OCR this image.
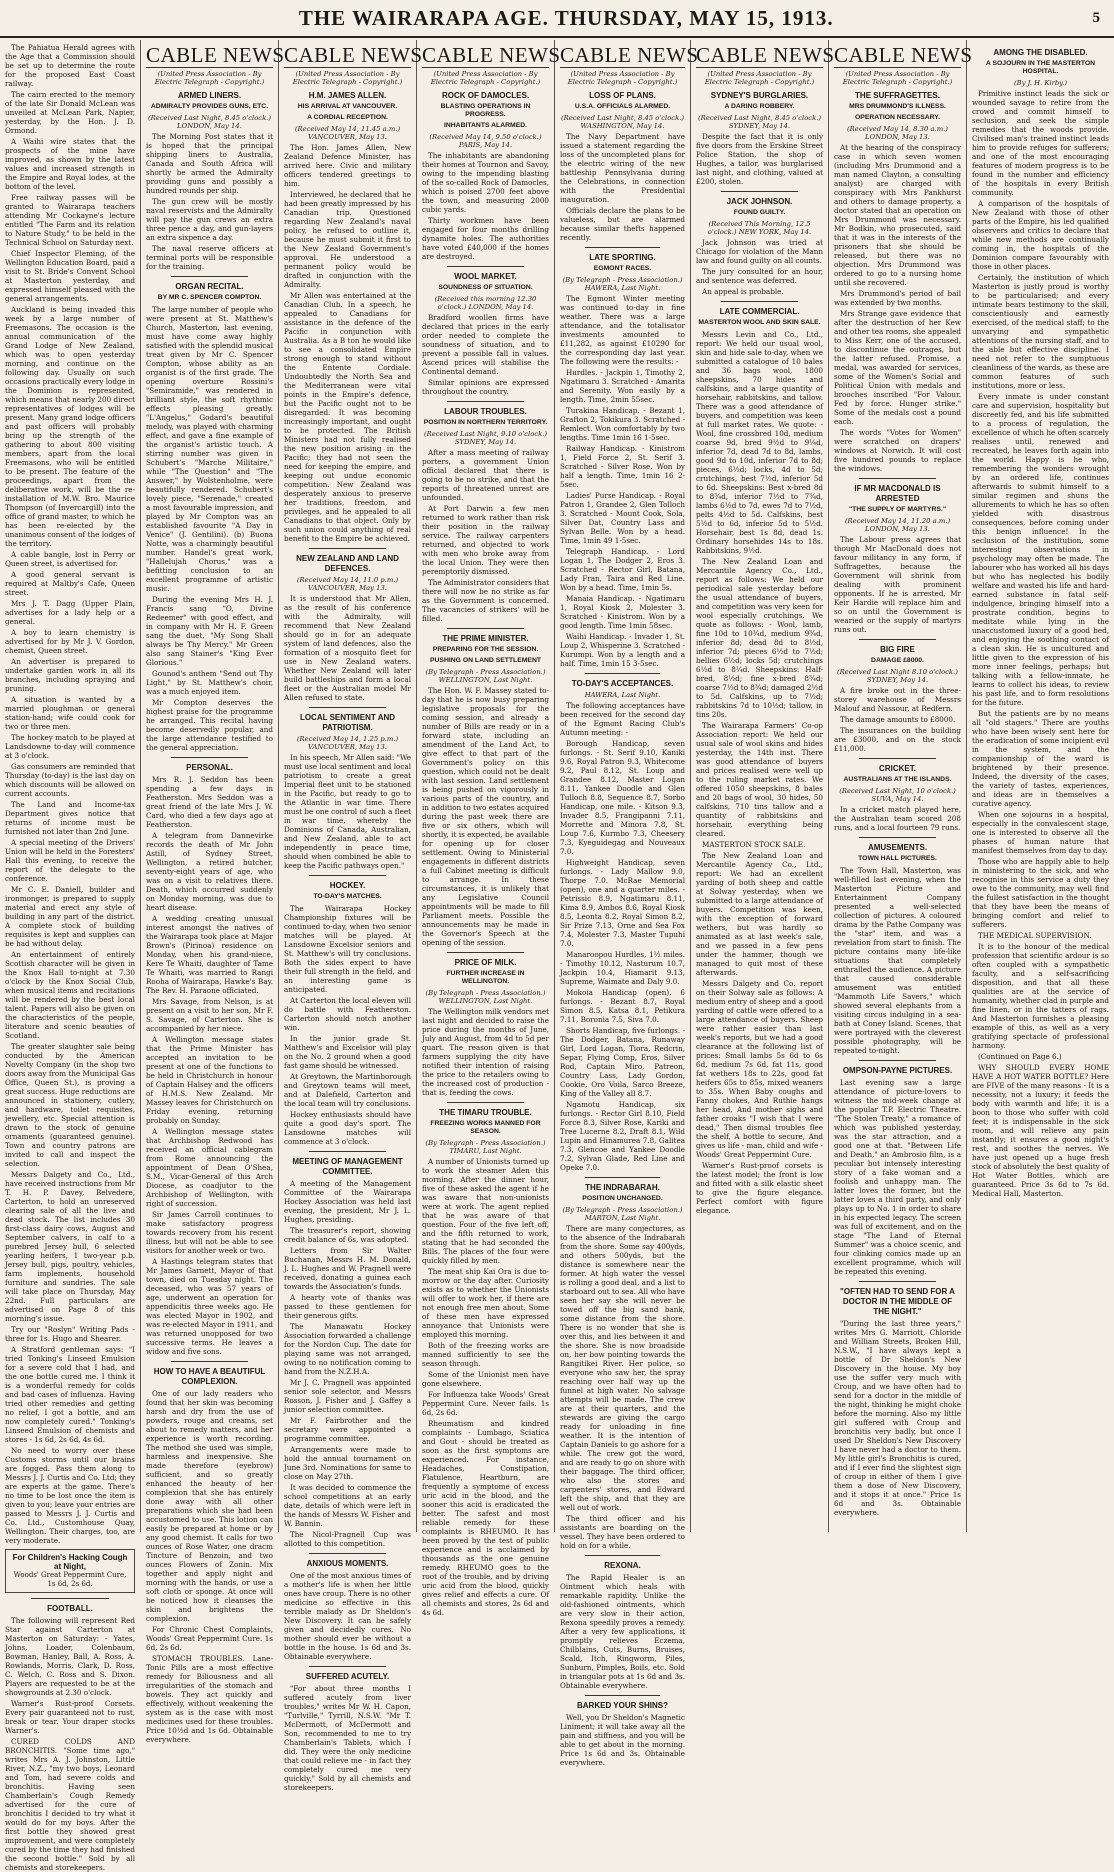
THE WAIRARAPA AGE. THURSDAY, MAY 15, 1913.	5

The Pahiatua Herald agrees with the Age that a Commission should be set up to determine the route for the proposed East Coast railway.

The cairn erected to the memory of the late Sir Donald McLean was unveiled at McLean Park, Napier, yesterday, by the Hon. J. D. Ormond.

A Waihi wire states that the prospects of the mine have improved, as shown by the latest values and increased strength in the Empire and Royal lodes, at the bottom of the level.

Free railway passes will be granted to Wairarapa teachers attending Mr Cockayne's lecture entitled "The Farm and its relation to Nature Study," to be held in the Technical School on Saturday next.

Chief Inspector Fleming, of the Wellington Education Board, paid a visit to St. Bride's Convent School at Masterton yesterday, and expressed himself pleased with the general arrangements.

Auckland is being invaded this week by a large number of Freemasons. The occasion is the annual communication of the Grand Lodge of New Zealand, which was to open yesterday morning, and continue on the following day. Usually on such occasions practically every lodge in the Dominion is represented, which means that nearly 200 direct representatives of lodges will be present. Many grand lodge officers and past officers will probably bring up the strength of the gathering to about 800 visiting members, apart from the local Freemasons, who will be entitled to be present. The feature of the proceedings, apart from the deliberative work, will be the re-installation of M.W. Bro. Maurice Thompson (of Invercargill) into the office of grand master, to which he has been re-elected by the unanimous consent of the lodges of the territory.

A cable bangle, lost in Perry or Queen street, is advertised for.

A good general servant is required at Maltby's Cafe, Queen street.

Mrs J. T. Dagg (Upper Plain, advertises for a lady help or a general.

A boy to learn chemistry is advertised for by Mr J. V. Gordon, chemist, Queen street.

An advertiser is prepared to undertake garden work in all its branches, including spraying and pruning.

A situation is wanted by a married ploughman or general station-hand; wife could cook for two or three men.

The hockey match to be played at Landsdowne to-day will commence at 3 o'clock.

Gas consumers are reminded that Thursday (to-day) is the last day on which discounts will be allowed on current accounts.

The Land and Income-tax Department gives notice that returns of income must be furnished not later than 2nd June.

A special meeting of the Drivers' Union will be held in the Foresters' Hall this evening, to receive the report of the delegate to the conference.

Mr C. E. Daniell, builder and ironmonger, is prepared to supply material and erect any style of building in any part of the district. A complete stock of building requisites is kept and supplies can be had without delay.

An entertainment of entirely Scottish character will be given in the Knox Hall to-night at 7.30 o'clock by the Knox Social Club, when musical items and recitations will be rendered by the best local talent. Papers will also be given on the characteristics of the people, literature and scenic beauties of Scotland.

The greater slaughter sale being conducted by the American Novelty Company (in the shop two doors away from the Municipal Gas Office, Queen St.), is proving a great success. Huge reductions are announced in stationery, cutlery, and hardware, toilet requisites, jewellery, etc. Special attention is drawn to the stock of genuine ornaments (guaranteed genuine). Town and country patrons are invited to call and inspect the selection.

Messrs Dalgety and Co., Ltd., have received instructions from Mr T. H. P. Davey, Belvedere, Carterton, to hold an unreserved clearing sale of all the live and dead stock. The list includes 30 first-class dairy cows, August and September calvers, in calf to a purebred Jersey bull, 6 selected yearling heifers, 1 two-year p.b. Jersey bull, pigs, poultry, vehicles, farm implements, household furniture and sundries. The sale will take place on Thursday, May 22nd. Full particulars are advertised on Page 8 of this morning's issue.

Try our "Roslyn" Writing Pads - three for 1s. Hugo and Shearer.

A Stratford gentleman says: "I tried Tonking's Linseed Emulsion for a severe cold that I had, and the one bottle cured me. I think it is a wonderful remedy for colds and bad cases of influenza. Having tried other remedies and getting no relief, I got a bottle, and am now completely cured." Tonking's Linseed Emulsion of chemists and stores - 1s 6d, 2s 6d, 4s 6d.

No need to worry over these Customs storms until our brains are fogged. Pass them along to Messrs J. J. Curtis and Co. Ltd; they are experts at the game. There's no time to be lost once the item is given to you; leave your entries are passed to Messrs J. J. Curtis and Co. Ltd., Customhouse Quay, Wellington. Their charges, too, are very moderate.

For Children's Hacking Cough at Night,
Woods' Great Peppermint Cure, 1s 6d, 2s 6d.
FOOTBALL.

The following will represent Red Star against Carterton at Masterton on Saturday: - Yates, Johns, Loader, Colenbaum, Bowman, Hanley, Ball, A. Ross, A. Rowlands, Morris, Clark, D. Ross, C. Welch, C. Ross and S. Dixon. Players are requested to be at the showgrounds at 2.30 o'clock.

Warner's Rust-proof Corsets. Every pair guaranteed not to rust, break or tear. Your draper stocks Warner's.

CURED COLDS AND BRONCHITIS. "Some time ago," writes Mrs A. J. Johnston, Little River, N.Z., "my two boys, Leonard and Tom, had severe colds and bronchitis. Having seen Chamberlain's Cough Remedy advertised for the cure of bronchitis I decided to try what it would do for my boys. After the first bottle they showed great improvement, and were completely cured by the time they had finished the second bottle." Sold by all chemists and storekeepers.

CABLE NEWS
(United Press Association - By Electric Telegraph - Copyright.)
ARMED LINERS.
ADMIRALTY PROVIDES GUNS, ETC.
(Received Last Night, 8.45 o'clock.) LONDON, May 14.

The Morning Post states that it is hoped that the principal shipping liners to Australia, Canada and South Africa will shortly be armed the Admiralty providing guns and possibly a hundred rounds per ship.

The gun crew will be mostly naval reservists and the Admiralty will pay the gun crews an extra three pence a day, and gun-layers an extra sixpence a day.

The naval reserve officers at terminal ports will be responsible for the training.

ORGAN RECITAL.
BY MR C. SPENCER COMPTON.

The large number of people who were present at St. Matthew's Church, Masterton, last evening, must have come away highly satisfied with the splendid musical treat given by Mr C. Spencer Compton, whose ability as an organist is of the first grade. The opening overture Rossini's "Semiramide," was rendered in brilliant style, the soft rhythmic effects pleasing greatly. "L'Angelus," Godard's beautiful melody, was played with charming effect, and gave a fine example of the organist's artistic touch. A stirring number was given in Schubert's "Marche Militaire," while "The Question" and "The Answer," by Wolstenholme, were beautifully rendered. Schubert's lovely piece, "Serenade," created a most favourable impression, and played by Mr Compton was an established favourite "A Day in Venice" (J. Gentilini). (b) Buona Notte, was a charmingly beautiful number. Handel's great work, "Hallelujah Chorus," was a befitting conclusion to an excellent programme of artistic music.

During the evening Mrs H. J. Francis sang "O, Divine Redeemer" with good effect, and in company with Mr H. F. Green sang the duet, "My Song Shall always be Thy Mercy." Mr Green also sang Stainer's "King Ever Glorious."

Gounod's anthem "Send out Thy Light," by St. Matthew's choir, was a much enjoyed item.

Mr Compton deserves the highest praise for the programme he arranged. This recital having become deservedly popular, and the large attendance testified to the general appreciation.

PERSONAL.

Mrs R. J. Seddon has been spending a few days in Featherston. Mrs Seddon was a great friend of the late Mrs J. W. Card, who died a few days ago at Featherston.

A telegram from Dannevirke records the death of Mr John Astill, of Sydney Street, Wellington, a retired butcher, seventy-eight years of age, who was on a visit to relatives there. Death, which occurred suddenly on Monday morning, was due to heart disease.

A wedding creating unusual interest amongst the natives of the Wairarapa took place at Major Brown's (Pirinoa) residence on Monday, when his grand-niece, Kere Te Whaiti, daughter of Tame Te Whaiti, was married to Rangi Rooha of Wairarapa, Hawke's Bay. The Rev. H. Paraone officiated.

Mrs Savage, from Nelson, is at present on a visit to her son, Mr F. S. Savage, of Carterton. She is accompanied by her niece.

A Wellington message states that the Prime Minister has accepted an invitation to be present at one of the functions to be held in Christchurch in honour of Captain Halsey and the officers of H.M.S. New Zealand. Mr Massey leaves for Christchurch on Friday evening, returning probably on Sunday.

A Wellington message states that Archbishop Redwood has received an official cablegram from Rome announcing the appointment of Dean O'Shea, S.M., Vicar-General of this Arch Diocese, as coadjutor to the Archbishop of Wellington, with right of succession.

Sir James Carroll continues to make satisfactory progress towards recovery from his recent illness, but will not be able to see visitors for another week or two.

A Hastings telegram states that Mr James Garnett, Mayor of that town, died on Tuesday night. The deceased, who was 57 years of age, underwent an operation for appendicitis three weeks ago. He was elected Mayor in 1902, and was re-elected Mayor in 1911, and was returned unopposed for two successive terms. He leaves a widow and five sons.

HOW TO HAVE A BEAUTIFUL COMPLEXION.

One of our lady readers who found that her skin was becoming harsh and dry from the use of powders, rouge and creams, set about to remedy matters, and her experience is worth recording. The method she used was simple, harmless and inexpensive. She made therefore (eyebrow) sufficient, and so greatly enhanced the beauty of her complexion that she has entirely done away with all other preparations which she had been accustomed to use. This lotion can easily be prepared at home or by any good chemist. It calls for two ounces of Rose Water, one dracm Tincture of Benzoin, and two ounces Flowers of Zonin. Mix together and apply night and morning with the hands, or use a soft cloth or sponge. At once will be noticed how it cleanses the skin and brightens the complexion.

For Chronic Chest Complaints, Woods' Great Peppermint Cure. 1s 6d, 2s 6d.

STOMACH TROUBLES. Lane-Tonic Pills are a most effective remedy for Biliousness and all irregularities of the stomach and bowels. They act quickly and effectively, without weakening the system as is the case with most medicines used for these troubles. Price 10½d and 1s 6d. Obtainable everywhere.

CABLE NEWS
(United Press Association - By Electric Telegraph - Copyright.)
H.M. JAMES ALLEN.
HIS ARRIVAL AT VANCOUVER.
A CORDIAL RECEPTION.
(Received May 14, 11.45 a.m.) VANCOUVER, May 13.

The Hon. James Allen, New Zealand Defence Minister, has arrived here. Civic and military officers tendered greetings to him.

Interviewed, he declared that he had been greatly impressed by his Canadian trip. Questioned regarding New Zealand's naval policy, he refused to outline it, because he must submit it first to the New Zealand Government's approval. He understood a permanent policy would be drafted in conjunction with the Admiralty.

Mr Allen was entertained at the Canadian Club. In a speech, he appealed to Canadians for assistance in the defence of the Pacific in conjunction with Australia. As a B ton he would like to see a consolidated Empire strong enough to stand without the Entente Cordiale. Undoubtedly the North Sea and the Mediterranean were vital points in the Empire's defence, but the Pacific ought not to be disregarded. It was becoming increasingly important, and ought to be protected. The British Ministers had not fully realised the new position arising in the Pacific; they had not seen the need for keeping the empire, and keeping out undue economic competition. New Zealand was desperately anxious to preserve her traditions, freedom, and privileges, and he appealed to all Canadians to that object. Only by such union could anything of real benefit to the Empire be achieved.

NEW ZEALAND AND LAND DEFENCES.
(Received May 14, 11.0 p.m.) VANCOUVER, May 13.

It is understood that Mr Allen, as the result of his conference with the Admiralty, will recommend that New Zealand should go in for an adequate system of land defences, also the formation of a mosquito fleet for use in New Zealand waters. Whether New Zealand will later build battleships and form a local fleet or the Australian model Mr Allen refused to state.

LOCAL SENTIMENT AND PATRIOTISM.
(Received May 14, 1.25 p.m.) VANCOUVER, May 13.

In his speech, Mr Allen said: "We must use local sentiment and local patriotism to create a great Imperial fleet unit to be stationed in the Pacific, but ready to go to the Atlantic in war time. There must be one control of such a fleet in war time, whereby the Dominions of Canada, Australian, and New Zealand, able to act independently in peace time, should when combined be able to keep the Pacific pathways open."

HOCKEY.
TO-DAY'S MATCHES.

The Wairarapa Hockey Championship fixtures will be continued to-day, when two senior matches will be played. At Lansdowne Excelsior seniors and St. Matthew's will try conclusions. Both the sides expect to have their full strength in the field, and an interesting game is anticipated.

At Carterton the local eleven will do battle with Featherston. Carterton should notch another win.

In the junior grade St. Matthew's and Excelsior will play on the No. 2 ground when a good fast game should be witnessed.

At Greytown, the Martinborough and Greytown teams will meet, and at Dalefield, Carterton and the local team will try conclusions.

Hockey enthusiasts should have quite a good day's sport. The Lansdowne matches will commence at 3 o'clock.

MEETING OF MANAGEMENT COMMITTEE.

A meeting of the Management Committee of the Wairarapa Hockey Association was held last evening, the president, Mr J. L. Hughes, presiding.

The treasurer's report, showing credit balance of 6s, was adopted.

Letters from Sir Walter Buchanan, Messrs H. M. Donald, J. L. Hughes and W. Pragnell were received, donating a guinea each towards the Association's funds.

A hearty vote of thanks was passed to these gentlemen for their generous gifts.

The Manawatu Hockey Association forwarded a challenge for the Nordon Cup. The date for playing same was not arranged, owing to no notification coming to hand from the N.Z.H.A.

Mr J. C. Pragnell was appointed senior sole selector, and Messrs Rosson, J. Fisher and J. Gaffey a junior selection committee.

Mr F. Fairbrother and the secretary were appointed a programme committee.

Arrangements were made to hold the annual tournament on June 3rd. Nominations for same to close on May 27th.

It was decided to commence the school competitions at an early date, details of which were left in the hands of Messrs W. Fisher and W. Bannin.

The Nicol-Pragnell Cup was allotted to this competition.

ANXIOUS MOMENTS.

One of the most anxious times of a mother's life is when her little ones have croup. There is no other medicine so effective in this terrible malady as Dr Sheldon's New Discovery. It can be safely given and decidedly cures. No mother should ever be without a bottle in the house. 1s 6d and 3s. Obtainable everywhere.

SUFFERED ACUTELY.

"For about three months I suffered acutely from liver troubles," writes Mr W. H. Capon, "Turlville," Tyrrill, N.S.W. "Mr T. McDermott, of McDermott and Son, recommended to me to try Chamberlain's Tablets, which I did. They were the only medicine that could relieve me - in fact they completely cured me very quickly." Sold by all chemists and storekeepers.

CABLE NEWS
(United Press Association - By Electric Telegraph - Copyright.)
ROCK OF DAMOCLES.
BLASTING OPERATIONS IN PROGRESS.
INHABITANTS ALARMED.
(Received May 14, 9.50 o'clock.) PARIS, May 14.

The inhabitants are abandoning their homes at Tournon and Savoy, owing to the impending blasting of the so-called Rock of Damocles, which is poised 2700 feet above the town, and measuring 2000 cubic yards.

Thirty workmen have been engaged for four months drilling dynamite holes. The authorities have voted £40,000 if the homes are destroyed.

WOOL MARKET.
SOUNDNESS OF SITUATION.
(Received this morning 12.30 o'clock.) LONDON, May 14.

Bradford woollen firms have declared that prices in the early order needed to complete the soundness of situation, and to prevent a possible fall in values. Ascend prices will stabilise the Continental demand.

Similar opinions are expressed throughout the country.

LABOUR TROUBLES.
POSITION IN NORTHERN TERRITORY.
(Received Last Night, 9.10 o'clock.) SYDNEY, May 14.

After a mass meeting of railway porters, a government Union official declared that there is going to be no strike, and that the reports of threatened unrest are unfounded.

At Port Darwin a few men returned to work rather than risk their position in the railway service. The railway carpenters returned, and objected to work with men who broke away from the local Union. They were then peremptorily dismissed.

The Administrator considers that there will now be no strike as far as the Government is concerned. The vacancies of strikers' will be filled.

THE PRIME MINISTER.
PREPARING FOR THE SESSION.
PUSHING ON LAND SETTLEMENT
(By Telegraph - Press Association.) WELLINGTON, Last Night.

The Hon. W. F. Massey stated to-day that he is now busy preparing legislative proposals for the coming session, and already a number of Bills are ready or in a forward state, including an amendment of the Land Act, to give effect to that part of the Government's policy on this question, which could not be dealt with last session. Land settlement is being pushed on vigorously in various parts of the country, and in addition to two estates acquired during the past week there are five or six others, which will shortly, it is expected, be available for opening up for closer settlement. Owing to Ministerial engagements in different districts a full Cabinet meeting is difficult to arrange. In these circumstances, it is unlikely that any Legislative Council appointments will be made to fill Parliament meets. Possible the announcements may be made in the Governor's Speech at the opening of the session.

PRICE OF MILK.
FURTHER INCREASE IN WELLINGTON.
(By Telegraph - Press Association.) WELLINGTON, Last Night.

The Wellington milk vendors met last night and decided to raise the price during the months of June, July and August, from 4d to 5d per quart. The reason given is that farmers supplying the city have notified their intention of raising the price to the retailers owing to the increased cost of production - that is, feeding the cows.

THE TIMARU TROUBLE.
FREEZING WORKS MANNED FOR SEASON.
(By Telegraph - Press Association.) TIMARU, Last Night.

A number of Unionists turned up to work the steamer Aden this morning. After the dinner hour, five of these asked the agent if he was aware that non-unionists were at work. The agent replied that he was aware of that question. Four of the five left off, and the fifth returned to work, stating that he had seconded the Bills. The places of the four were quickly filled by men.

The meat ship Kai Ora is due to-morrow or the day after. Curiosity exists as to whether the Unionists will offer to work her, if there are not enough free men about. Some of these men have expressed annoyance that Unionists were employed this morning.

Both of the freezing works are manned sufficiently to see the season through.

Some of the Unionist men have gone elsewhere.

For Influenza take Woods' Great Peppermint Cure. Never fails. 1s 6d, 2s 6d.

Rheumatism and kindred complaints - Lumbago, Sciatica and Gout - should be treated as soon as the first symptoms are experienced. For instance, Headaches, Constipation, Flatulence, Heartburn, are frequently a symptome of excess uric acid in the blood, and the sooner this acid is eradicated the better. The safest and most reliable remedy for these complaints is RHEUMO. It has been proved by the test of public experience and is acclaimed by thousands as the one genuine remedy. RHEUMO goes to the root of the trouble, and by driving uric acid from the blood, quickly gives relief and effects a cure. Of all chemists and stores, 2s 6d and 4s 6d.

CABLE NEWS
(United Press Association - By Electric Telegraph - Copyright.)
LOSS OF PLANS.
U.S.A. OFFICIALS ALARMED.
(Received Last Night, 8.45 o'clock.) WASHINGTON, May 14.

The Navy Department have issued a statement regarding the loss of the uncompleted plans for the electric wiring of the new battleship Pennsylvania during the Celebrations, in connection with the Presidential inauguration.

Officials declare the plans to be valueless, but are alarmed because similar thefts happened recently.

LATE SPORTING.
EGMONT RACES.
(By Telegraph - Press Association.) HAWERA, Last Night.

The Egmont Winter meeting was continued to-day in fine weather. There was a large attendance, and the totalisator investments amounted to £11,282, as against £10290 for the corresponding day last year. The following were the results: -

Hurdles. - Jackpin 1, Timothy 2, Ngatimaru 3. Scratched - Amarita and Serenity. Won easily by a length. Time, 2min 55sec.

Turakina Handicap. - Bezant 1, Grafton 2, Tokikura 3. Scratched - Remlect. Won comfortably by two lengths. Time 1min 16 1-5sec.

Railway Handicap. - Kinistrom 1, Field Force 2, St. Serif 3. Scratched - Silver Rose. Won by half a length. Time, 1min 16 2-5sec.

Ladies' Purse Handicap. - Royal Patron 1, Grandee 2, Glen Tolloch 3. Scratched - Mount Cook, Sola, Silver Dat, Country Lass and Sylvan Belle. Won by a head. Time, 1min 49 1-5sec.

Telegraph Handicap. - Lord Logan 1, The Dodger 2, Eros 3. Scratched - Rector Girl, Batana, Lady Fran, Taira and Red Line. Won by a head. Time, 1min 5s.

Manaia Handicap. - Ngatimaru 1, Royal Kiosk 2, Molester 3. Scratched - Kinistrom. Won by a good length. Time 1min 58sec.

Waihi Handicap. - Invader 1, St. Loup 2, Whisperine 3. Scratched - Kurumpi. Won by a length and a half. Time, 1min 15 3-5sec.

TO-DAY'S ACCEPTANCES.
HAWERA, Last Night.

The following acceptances have been received for the second day of the Egmont Racing Club's Autumn meeting: -

Borough Handicap, seven furlongs. - St. Serif 9.10, Kaniki 9.6, Royal Patron 9.3, Whitecome 9.2, Paul 8.12, St. Loup and Grandee 8.12, Master Logan 8.11, Yankee Doodle and Glen Tulloch 8.8, Sequence 8.7, Sorbo Handicap, one mile. - Kitson 9.3, Invader 8.5, Frangipanni 7.11, Morrette and Minora 7.8, St. Loup 7.6, Kurmbo 7.3, Cheesery 7.3, Kyeguidegag and Nouveaux 7.0.

Highweight Handicap, seven furlongs. - Lady Mallow 9.0, Thorpe 7.0. McRae Memorial (open), one and a quarter miles. - Petrissic 8.9, Ngatimaru 8.11, Kima 8.9, Ambos 8.6, Royal Kiosk 8.5, Leonta 8.2, Royal Simon 8.2, Sir Prize 7.13, Orne and Sea Fox 7.4, Molester 7.3, Master Tupuhi 7.0.

Manaroopou Hurdles, 1½ miles. - Timothy 10.12, Nasturum 10.7, Jackpin 10.4, Hiamarit 9.13, Supreme, Waimate and Daly 9.0.

Mokoia Handicap (open), 6 furlongs. - Bezant 8.7, Royal Simon 8.5, Katsa 8.1, Petikura 7.11, Boronia 7.5, Siva 7.0.

Shorts Handicap, five furlongs. - The Dodger, Batana, Runaway Girl, Lord Logan, Tiora, Redcrin, Separ, Flying Comp, Eros, Silver Rod, Captain Miro, Patreon, Country Lass, Lady Gordon, Cookie, Oro Voila, Sarco Breeze, King of the Valley all 8.7.

Ngamotu Handicap, six furlongs. - Rector Girl 8.10, Field Force 8.3, Silver Rose, Kariki and Tree Lucerne 8.2, Draft 8.1, Wild Lupin and Hinamurea 7.8, Galitea 7.3, Glencoe and Yankee Doodle 7.2, Sylvan Glade, Red Line and Opeke 7.0.

THE INDRABARAH.
POSITION UNCHANGED.
(By Telegraph - Press Association.) MARTON, Last Night.

There are many conjectures, as to the absence of the Indrabarah from the shore. Some say 400yds, and others 500yds, but the distance is somewhere near the former. At high water the vessel is rolling a good deal, and a list to starboard out to sea. All who have seen her say she will never be towed off the big sand bank, some distance from the shore. There is no wonder that she is over this, and lies between it and the shore. She is now broadside on, her bow pointing towards the Rangitikei River. Her police, so everyone who saw her, the spray reaching over half way up the funnel at high water. No salvage attempts will be made. The crew are at their quarters, and the stewards are giving the cargo ready for unloading in fine weather. It is the intention of Captain Daniels to go ashore for a while. The crew got the word, and are ready to go on shore with their baggage. The third officer, who also the stores and carpenters' stores, and Edward left the ship, and that they are well out of work.

The third officer and his assistants are boarding on the vessel. They have been ordered to hold on for a while.

REXONA.

The Rapid Healer is an Ointment which heals with remarkable rapidity. Unlike the old-fashioned ointments, which are very slow in their action, Rexona speedily proves a remedy. After a very few applications, it promptly relieves Eczema, Chilblains, Cuts, Burns, Bruises, Scald, Itch, Ringworm, Piles, Sunburn, Pimples, Boils, etc. Sold in triangular pots at 1s 6d and 3s. Obtainable everywhere.

BARKED YOUR SHINS?

Well, you Dr Sheldon's Magnetic Liniment; it will take away all the pain and stiffness, and you will be able to get about in the morning. Price 1s 6d and 3s. Obtainable everywhere.

CABLE NEWS
(United Press Association - By Electric Telegraph - Copyright.)
SYDNEY'S BURGLARIES.
A DARING ROBBERY.
(Received Last Night, 8.45 o'clock.) SYDNEY, May 14.

Despite the fact that it is only five doors from the Erskine Street Police Station, the shop of Hughes, a tailor, was burglarised last night, and clothing, valued at £200, stolen.

JACK JOHNSON.
FOUND GUILTY.
(Received This Morning, 12.5 o'clock.) NEW YORK, May 14.

Jack Johnson was tried at Chicago for violation of the Mann law and found guilty on all counts.

The jury consulted for an hour, and sentence was deferred.

An appeal is probable.

LATE COMMERCIAL.
MASTERTON WOOL AND SKIN SALE.

Messrs Levin and Co., Ltd., report: We held our usual wool, skin and hide sale to-day, when we submitted a catalogue of 10 bales and 36 bags wool, 1800 sheepskins, 70 hides and calfskins, and a large quantity of horsehair, rabbitskins, and tallow. There was a good attendance of buyers, and competition was keen at full market rates. We quote: - Wool, fine crossbred 10d, medium coarse 9d, bred 9½d to 9¼d, inferior 7d, dead 7d to 8d, lambs, good 9d to 10d, inferior 7d to 8d; pieces, 6½d; locks, 4d to 5d; crutchings, best 7½d, inferior 5d to 6d. Sheepskins: Best x-bred 8d to 8¾d, inferior 7½d to 7¾d, lambs 6½d to 7d, ewes 7d to 7½d, pelts 4½d to 5d. Calfskins, best 5½d to 6d, inferior 5d to 5½d. Horsehair, best 1s 8d, dead 1s. Ordinary horsehides 14s to 18s. Rabbitskins, 9½d.

The New Zealand Loan and Mercantile Agency Co., Ltd., report as follows: We held our periodical sale yesterday before the usual attendance of buyers, and competition was very keen for wool especially crutchings. We quote as follows: - Wool, lamb, fine 10d to 10¾d, medium 9¾d, inferior 8d; dead 8d to 8½d, inferior 7d; pieces 6½d to 7½d; bellies 6½d; locks 5d; crutchings 6½d to 8¼d. Sheepskins: Half-bred, 8½d; fine x-bred 8¾d; coarse 7½d to 8¾d; damaged 2½d to 5d. Calfskins, up to 7½d; rabbitskins 7d to 10½d; tallow, in tins 20s.

The Wairarapa Farmers' Co-op Association report: We held our usual sale of wool skins and hides yesterday, the 14th inst. There was good attendance of buyers and prices realised were well up to the ruling market rates. We offered 1050 sheepskins, 8 bales and 20 bags of wool, 30 hides, 50 calfskins, 710 tins tallow and a quantity of rabbitskins and horsehair, everything being cleared.

MASTERTON STOCK SALE.

The New Zealand Loan and Mercantile Agency Co., Ltd., report: We had an excellent yarding of both sheep and cattle at Solway yesterday, when we submitted to a large attendance of buyers. Competition was keen, with the exception of forward wethers, but was hardly so animated as at last week's sale, and we passed in a few pens under the hammer, though we managed to quit most of these afterwards.

Messrs Dalgety and Co. report on their Solway sale as follows: A medium entry of sheep and a good yarding of cattle were offered to a large attendance of buyers. Sheep were rather easier than last week's reports, but we had a good clearance at the following list of prices: Small lambs 5s 6d to 6s 6d, medium 7s 6d, fat 11s, good fat wethers 18s to 22s, good fat heifers 65s to 85s, mixed weaners to 35s. When Baby coughs and Fanny chokes, And Ruthie hangs her head, And mother sighs and father croaks "I wish that I were dead," Then dismal troubles flee the shelf, A bottle to secure, And gives us life - man, child and wife - Woods' Great Peppermint Cure.

Warner's Rust-proof corsets is the latest model; the front is low and fitted with a silk elastic sheet to give the figure elegance. Perfect comfort with figure elegance.

CABLE NEWS
(United Press Association - By Electric Telegraph - Copyright.)
THE SUFFRAGETTES.
MRS DRUMMOND'S ILLNESS.
OPERATION NECESSARY.
(Received May 14, 8.30 a.m.) LONDON, May 13.

At the hearing of the conspiracy case in which seven women (including Mrs Drummond and a man named Clayton, a consulting analyst) are charged with conspiracy with Mrs Pankhurst and others to damage property, a doctor stated that an operation on Mrs Drummond was necessary. Mr Bodkin, who prosecuted, said that it was in the interests of the prisoners that she should be released, but there was no objection. Mrs Drummond was ordered to go to a nursing home until she recovered.

Mrs Drummond's period of bail was extended by two months.

Mrs Strange gave evidence that after the destruction of her Kew and other tea rooms, she appealed to Miss Kerr, one of the accused, to discontinue the outrages, but the latter refused. Promise, a medal, was awarded for services, some of the Women's Social and Political Union with medals and brooches inscribed "For Valour. Fed by force. Hunger strike." Some of the medals cost a pound each.

The words "Votes for Women" were scratched on drapers' windows at Norwich. It will cost five hundred pounds to replace the windows.

IF MR MACDONALD IS ARRESTED
"THE SUPPLY OF MARTYRS."
(Received May 14, 11.20 a.m.) LONDON, May 13.

The Labour press agrees that though Mr MacDonald does not favour militancy in any form, if Suffragettes, because the Government will shrink from dealing with prominent opponents. If he is arrested, Mr Keir Hardie will replace him and so on until the Government is wearied or the supply of martyrs runs out.

BIG FIRE
DAMAGE £8000.
(Received Last Night 8.10 o'clock.) SYDNEY, May 14.

A fire broke out in the three-storey warehouse of Messrs Malouf and Nassour, at Redfern.

The damage amounts to £8000.

The insurances on the building are £3000, and on the stock £11,000.

CRICKET.
AUSTRALIANS AT THE ISLANDS.
(Received Last Night, 10 o'clock.) SUVA, May 14.

In a cricket match played here, the Australian team scored 208 runs, and a local fourteen 79 runs.

AMUSEMENTS.
TOWN HALL PICTURES.

The Town Hall, Masterton, was well-filled last evening, when the Masterton Picture and Entertainment Company presented a well-selected collection of pictures. A coloured drama by the Pathe Company was the "star" item, and was a revelation from start to finish. The picture contains many life-like situations that completely enthralled the audience. A picture that caused considerable amusement was entitled "Mammoth Life Savers," which showed several elephants from a visiting circus indulging in a sea-bath at Coney Island. Scenes, that were portrayed with the cleverest possible photography, will be repeated to-night.

OMPSON-PAYNE PICTURES.

Last evening saw a large attendance of picture-lovers to witness the mid-week change at the popular T.P. Electric Theatre. "The Stolen Treaty," a romance of which was published yesterday, was the star attraction, and a good one at that. "Between Life and Death," an Ambrosio film, is a peculiar but intensely interesting story of a fake woman and a foolish and unhappy man. The latter loves the former, but the latter loves a third party, and only plays up to No. 1 in order to share in his expected legacy. The screen was full of excitement, and on the stage "The Land of Eternal Summer" was a choice scenic, and four clinking comics made up an excellent programme, which will be repeated this evening.

"OFTEN HAD TO SEND FOR A DOCTOR IN THE MIDDLE OF THE NIGHT."

"During the last three years," writes Mrs G. Marriott, Chloride and William Streets, Broken Hill, N.S.W., "I have always kept a bottle of Dr Sheldon's New Discovery in the house. My boy use the suffer very much with Croup, and we have often had to send for a doctor in the middle of the night, thinking he might choke before the morning. Also my little girl suffered with Croup and bronchitis very badly, but once I used Dr Sheldon's New Discovery I have never had a doctor to them. My little girl's Bronchitis is cured, and if I ever find the slightest sign of croup in either of them I give them a dose of New Discovery, and it stops it at once." Price 1s 6d and 3s. Obtainable everywhere.

AMONG THE DISABLED.
A SOJOURN IN THE MASTERTON HOSPITAL.
(By J. H. Kirby.)

Primitive instinct leads the sick or wounded savage to retire from the crowd and commit himself to seclusion, and seek the simple remedies that the woods provide. Civilised man's trained instinct leads him to provide refuges for sufferers; and one of the most encouraging features of modern progress is to be found in the number and efficiency of the hospitals in every British community.

A comparison of the hospitals of New Zealand with those of other parts of the Empire, his led qualified observers and critics to declare that while new methods are continually coming in, the hospitals of the Dominion compare favourably with those in other places.

Certainly, the institution of which Masterton is justly proud is worthy to be particularised; and every intimate bears testimony to the skill, conscientiously and earnestly exercised, of the medical staff; to the unvarying and sympathetic attentions of the nursing staff, and to the able but effective discipline. I need not refer to the sumptuous cleanliness of the wards, as these are common features of such institutions, more or less.

Every inmate is under constant care and supervision, hospitality but discreetly fed, and his life submitted to a process of regulation, the excellence of which he often scarcely realises until, renewed and recreated, he leaves forth again into the world. Happy is he who, remembering the wonders wrought by an ordered life, continues afterwards to submit himself to a similar regimen and shuns the allurements to which he has so often yielded with disastrous consequences, before coming under this benign influence! In the seclusion of the institution, some interesting observations in psychology may often be made. The labourer who has worked all his days but who has neglected his bodily welfare and wasted his life and hard-earned substance in fatal self-indulgence, bringing himself into a prostrate condition, begins to meditate while lying in the unaccustomed luxury of a good bed, and enjoying the soothing contact of a clean skin. He is uncultured and little given to the expression of his more inner feelings, perhaps; but talking with a fellow-inmate, he learns to collect his ideas, to review his past life, and to form resolutions for the future.

But the patients are by no means all "old stagers." There are youths who have been wisely sent here for the eradication of some incipient evil in the system, and the companionship of the ward is brightened by their presence. Indeed, the diversity of the cases, the variety of tastes, experiences, and ideas are in themselves a curative agency.

When one sojourns in a hospital, especially in the convalescent stage, one is interested to observe all the phases of human nature that manifest themselves from day to day.

Those who are happily able to help in ministering to the sick, and who recognise in this service a duty they owe to the community, may well find the fullest satisfaction in the thought that they have been the means of bringing comfort and relief to sufferers.

THE MEDICAL SUPERVISION.

It is to the honour of the medical profession that scientific ardour is so often coupled with a sympathetic faculty, and a self-sacrificing disposition, and that all these qualities are at the service of humanity, whether clad in purple and fine linen, or in the tatters of rags. And Masterton furnishes a pleasing example of this, as well as a very gratifying spectacle of professional harmony.

(Continued on Page 6.)

WHY SHOULD EVERY HOME HAVE A HOT WATER BOTTLE? Here are FIVE of the many reasons - It is a necessity, not a luxury; it feeds the body with warmth and life; it is a boon to those who suffer with cold feet; it is indispensable in the sick room, and will relieve any pain instantly; it ensures a good night's rest, and soothes the nerves. We have just opened up a huge fresh stock of absolutely the best quality of Hot Water Bottles, which are guaranteed. Price 3s 6d to 7s 6d. Medical Hall, Masterton.
